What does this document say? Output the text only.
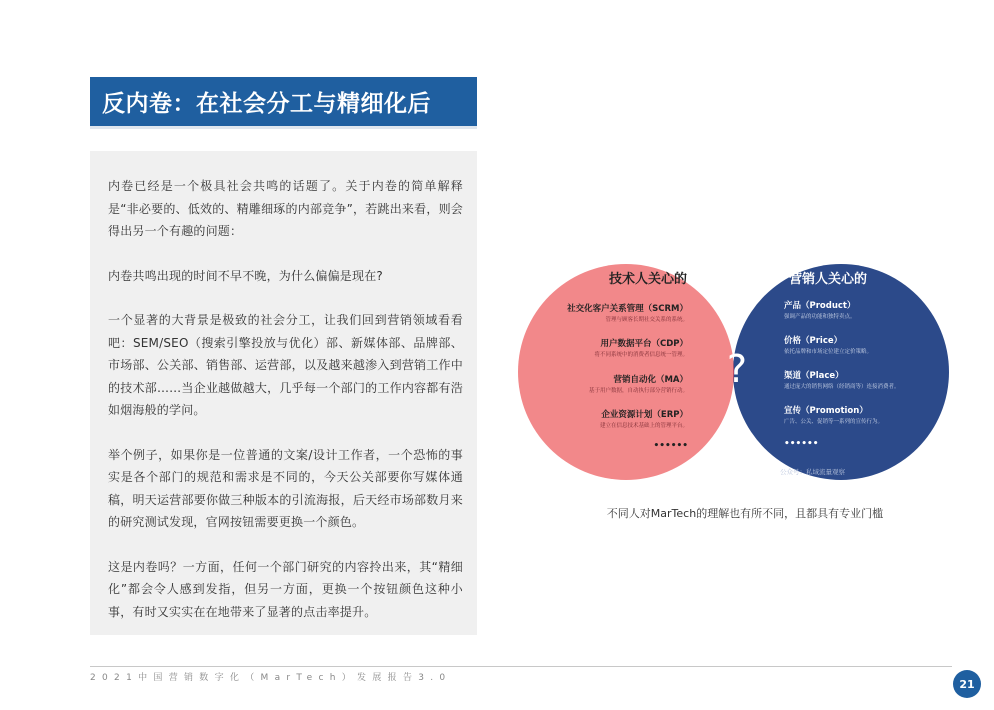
反内卷：在社会分工与精细化后

内卷已经是一个极具社会共鸣的话题了。关于内卷的简单解释是“非必要的、低效的、精雕细琢的内部竞争”，若跳出来看，则会得出另一个有趣的问题：

内卷共鸣出现的时间不早不晚，为什么偏偏是现在?

一个显著的大背景是极致的社会分工，让我们回到营销领域看看吧：SEM/SEO（搜索引擎投放与优化）部、新媒体部、品牌部、市场部、公关部、销售部、运营部，以及越来越渗入到营销工作中的技术部……当企业越做越大，几乎每一个部门的工作内容都有浩如烟海般的学问。

举个例子，如果你是一位普通的文案/设计工作者，一个恐怖的事实是各个部门的规范和需求是不同的，今天公关部要你写媒体通稿，明天运营部要你做三种版本的引流海报，后天经市场部数月来的研究测试发现，官网按钮需要更换一个颜色。

这是内卷吗？一方面，任何一个部门研究的内容拎出来，其“精细化”都会令人感到发指，但另一方面，更换一个按钮颜色这种小事，有时又实实在在地带来了显著的点击率提升。

技术人关心的
社交化客户关系管理（SCRM）
管理与顾客长期社交关系的系统。
用户数据平台（CDP）
将不同系统中的消费者信息统一管理。
营销自动化（MA）
基于用户数据，自动执行部分营销行动。
企业资源计划（ERP）
建立在信息技术基础上的管理平台。
••••••
?
营销人关心的
产品（Product）
强调产品的功能和独特卖点。
价格（Price）
依托品牌和市场定位建立定价策略。
渠道（Place）
通过庞大的销售网络（经销商等）连接消费者。
宣传（Promotion）
广告、公关、促销等一系列的宣传行为。
••••••
公众号：私域流量观察
不同人对MarTech的理解也有所不同，且都具有专业门槛
2021中国营销数字化（MarTech）发展报告3.0	21
